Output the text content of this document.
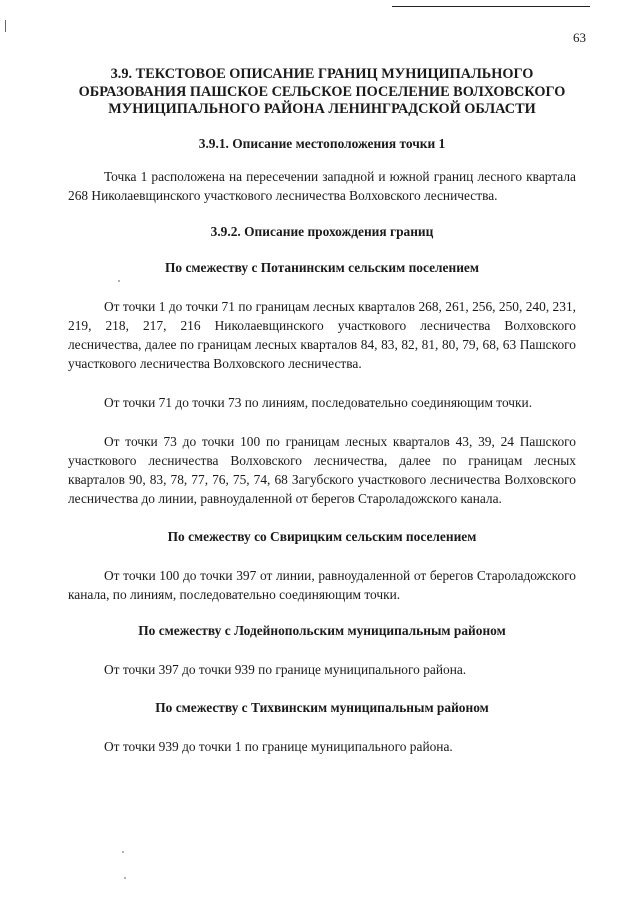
63
3.9. ТЕКСТОВОЕ ОПИСАНИЕ ГРАНИЦ МУНИЦИПАЛЬНОГО ОБРАЗОВАНИЯ ПАШСКОЕ СЕЛЬСКОЕ ПОСЕЛЕНИЕ ВОЛХОВСКОГО МУНИЦИПАЛЬНОГО РАЙОНА ЛЕНИНГРАДСКОЙ ОБЛАСТИ
3.9.1. Описание местоположения точки 1

Точка 1 расположена на пересечении западной и южной границ лесного квартала 268 Николаевщинского участкового лесничества Волховского лесничества.

3.9.2. Описание прохождения границ
По смежеству с Потанинским сельским поселением

От точки 1 до точки 71 по границам лесных кварталов 268, 261, 256, 250, 240, 231, 219, 218, 217, 216 Николаевщинского участкового лесничества Волховского лесничества, далее по границам лесных кварталов 84, 83, 82, 81, 80, 79, 68, 63 Пашского участкового лесничества Волховского лесничества.

От точки 71 до точки 73 по линиям, последовательно соединяющим точки.

От точки 73 до точки 100 по границам лесных кварталов 43, 39, 24 Пашского участкового лесничества Волховского лесничества, далее по границам лесных кварталов 90, 83, 78, 77, 76, 75, 74, 68 Загубского участкового лесничества Волховского лесничества до линии, равноудаленной от берегов Староладожского канала.

По смежеству со Свирицким сельским поселением

От точки 100 до точки 397 от линии, равноудаленной от берегов Староладожского канала, по линиям, последовательно соединяющим точки.

По смежеству с Лодейнопольским муниципальным районом

От точки 397 до точки 939 по границе муниципального района.

По смежеству с Тихвинским муниципальным районом

От точки 939 до точки 1 по границе муниципального района.
